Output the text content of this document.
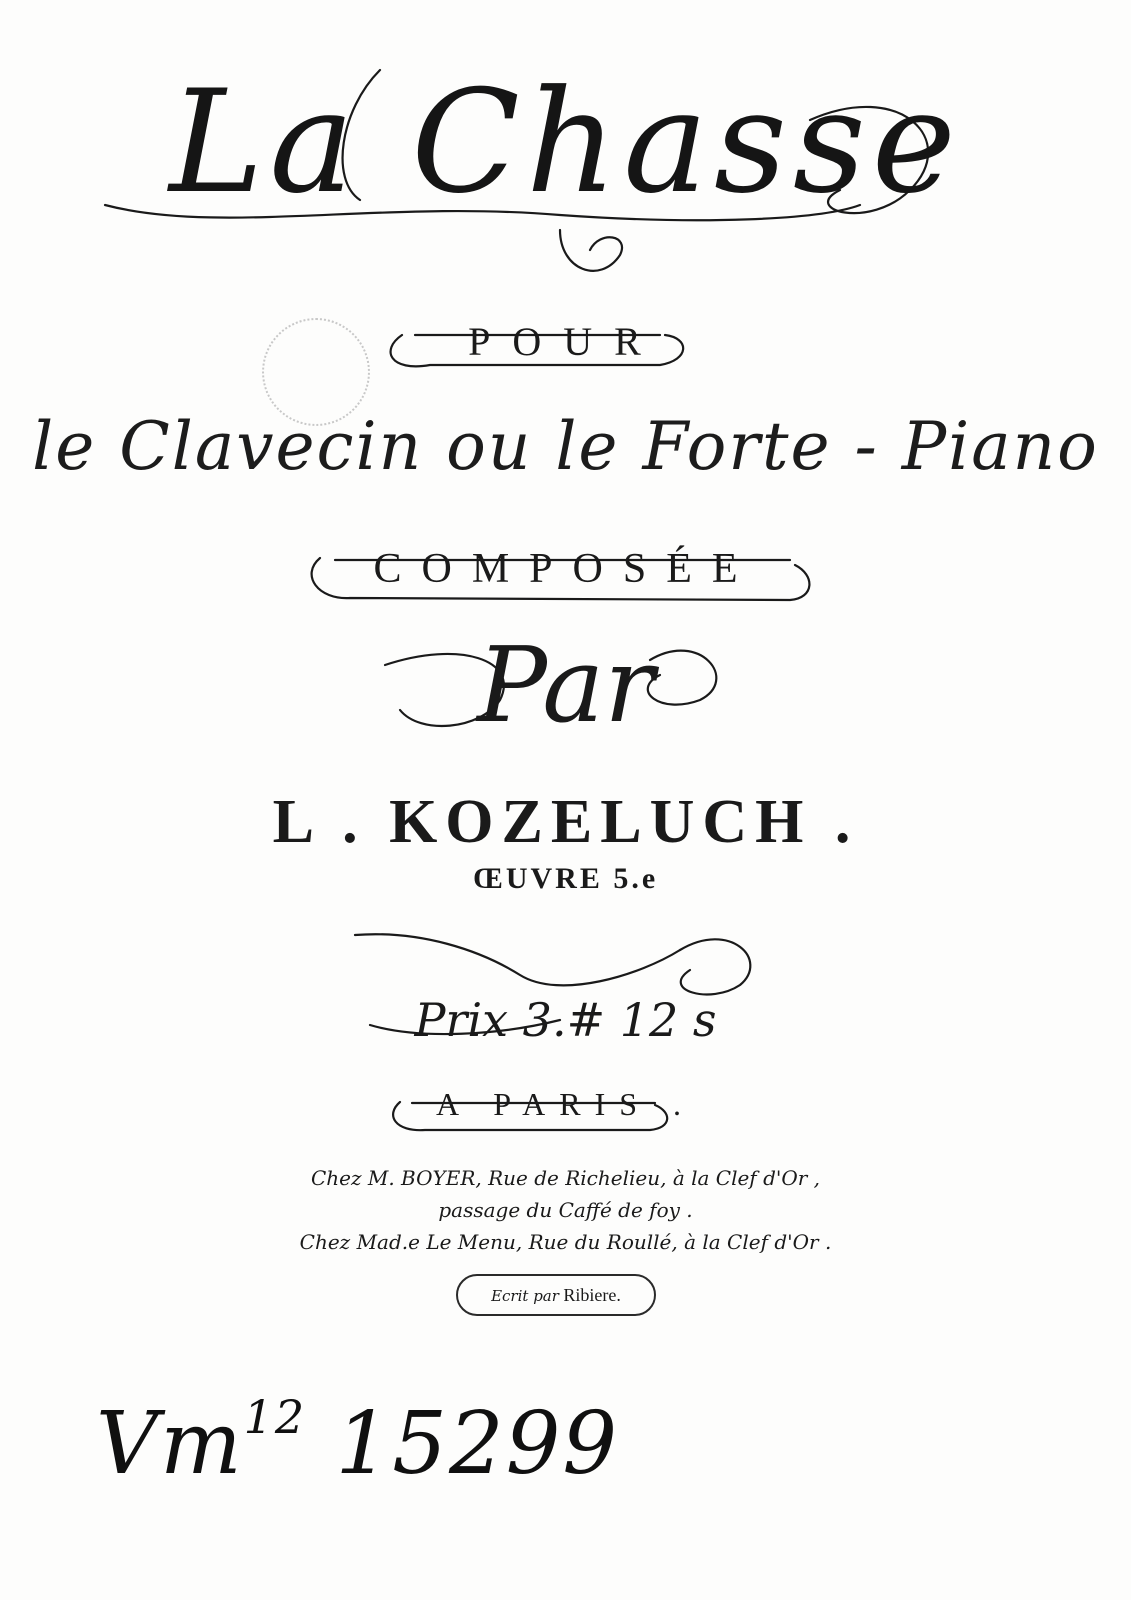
La Chasse
POUR
le Clavecin ou le Forte - Piano
COMPOSÉE
Par
L . KOZELUCH .
ŒUVRE 5.e
Prix 3.# 12 s
A PARIS .
Chez M. BOYER, Rue de Richelieu, à la Clef d'Or ,
passage du Caffé de foy .
Chez Mad.e Le Menu, Rue du Roullé, à la Clef d'Or .
Ecrit par Ribiere.
Vm$^{12}$ 15299
